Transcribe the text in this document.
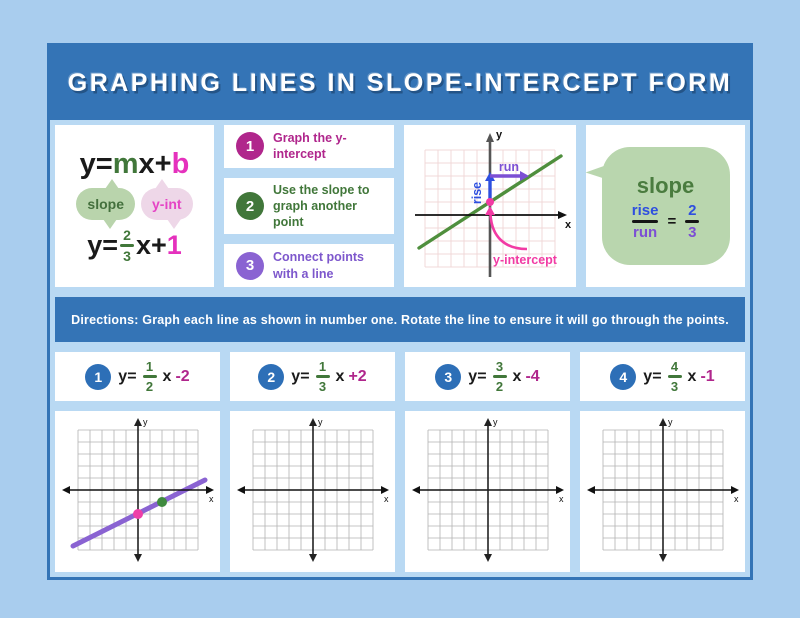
GRAPHING LINES IN SLOPE-INTERCEPT FORM
y=mx+b
slope	y-int
$y= \frac{2}{3} x+ 1$
1	Graph the y-intercept
2
Use the slope to graph another point
3	Connect points with a line
y
x
rise
run
y-intercept
slope
$\frac{\text{rise}}{\text{run}} = \frac{2}{3}$
Directions: Graph each line as shown in number one. Rotate the line to ensure it will go through the points.
1	$y= \frac{1}{2}$ x -2	2	$y= \frac{1}{3}$ x +2	3	$y= \frac{3}{2}$ x -4	4	$y= \frac{4}{3}$ x -1
y
x
y
x
y
x
y
x
